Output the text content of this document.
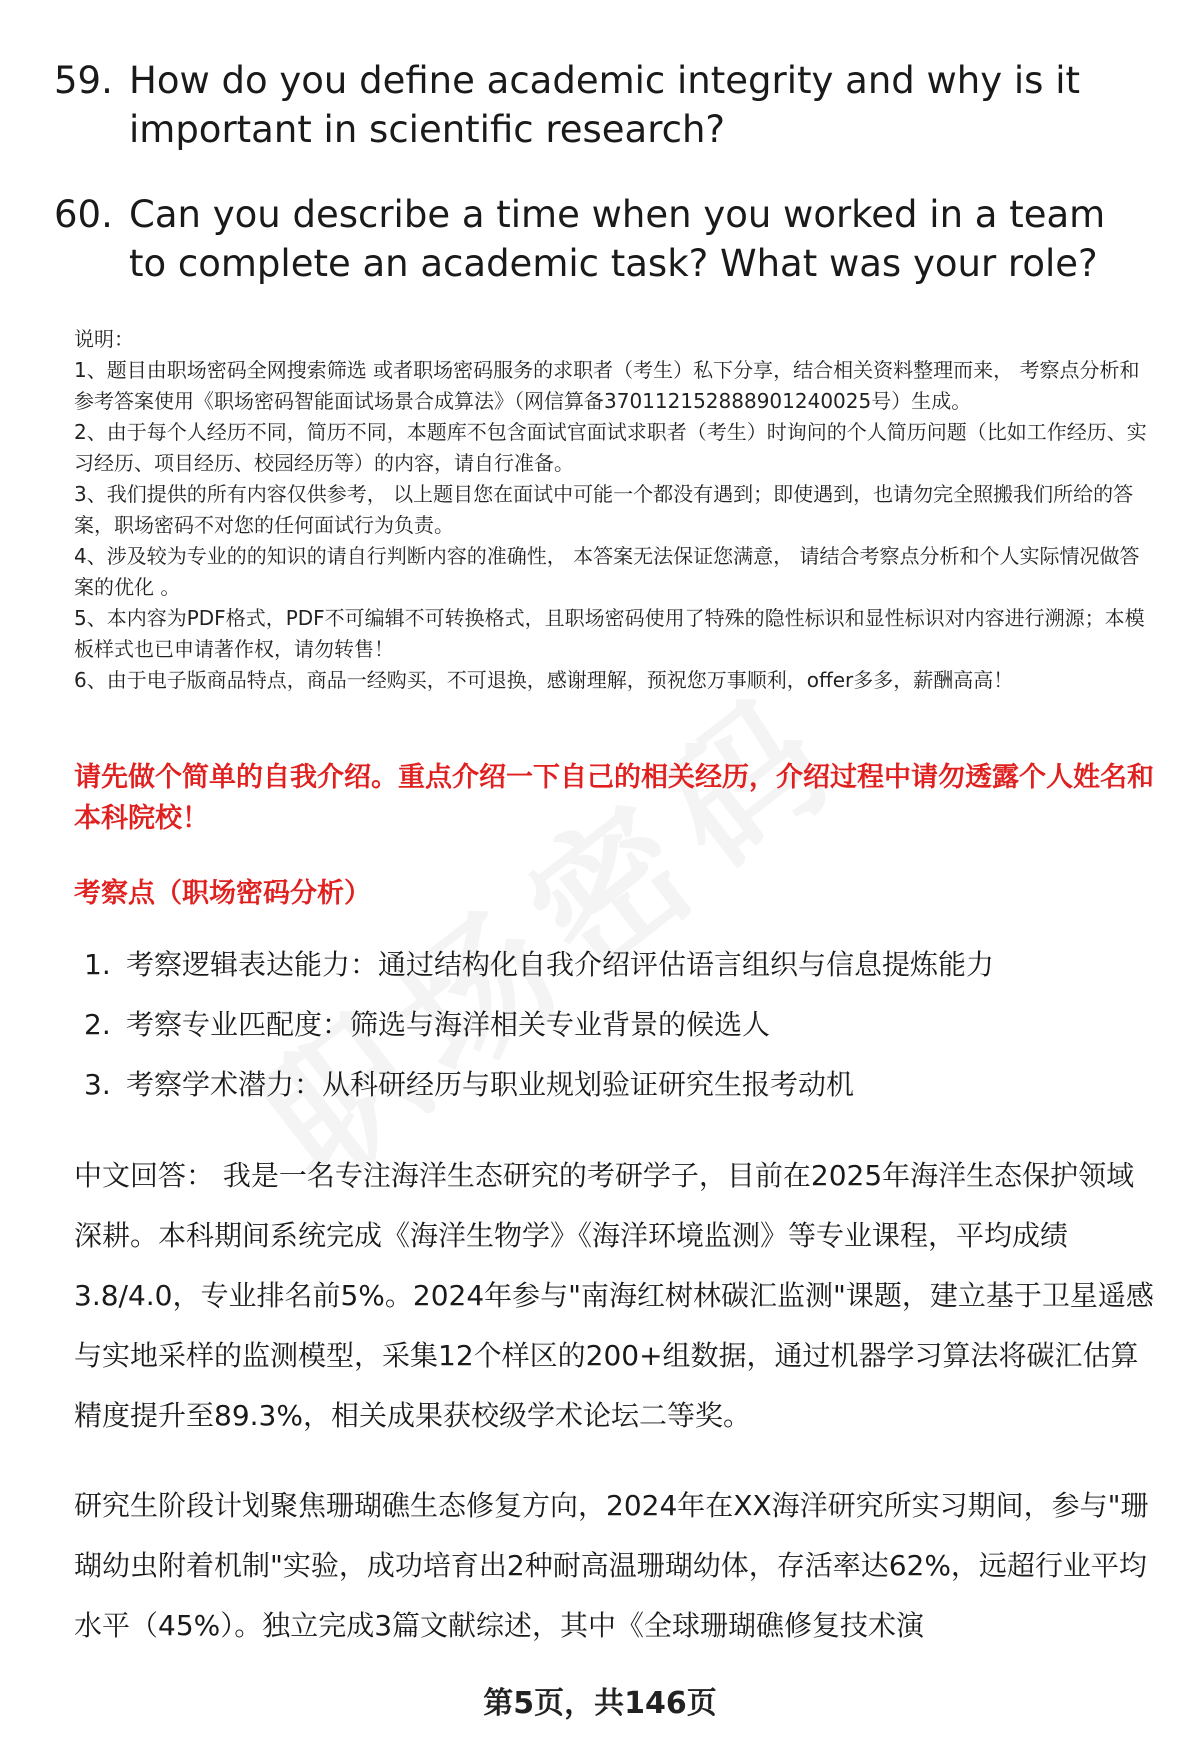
59. How do you define academic integrity and why is it important in scientific research?
60. Can you describe a time when you worked in a team to complete an academic task? What was your role?

说明：

1、题目由职场密码全网搜索筛选 或者职场密码服务的求职者（考生）私下分享，结合相关资料整理而来， 考察点分析和参考答案使用《职场密码智能面试场景合成算法》（网信算备370112152888901240025号）生成。

2、由于每个人经历不同，简历不同，本题库不包含面试官面试求职者（考生）时询问的个人简历问题（比如工作经历、实习经历、项目经历、校园经历等）的内容，请自行准备。

3、我们提供的所有内容仅供参考， 以上题目您在面试中可能一个都没有遇到；即使遇到，也请勿完全照搬我们所给的答案，职场密码不对您的任何面试行为负责。

4、涉及较为专业的的知识的请自行判断内容的准确性， 本答案无法保证您满意， 请结合考察点分析和个人实际情况做答案的优化 。

5、本内容为PDF格式，PDF不可编辑不可转换格式，且职场密码使用了特殊的隐性标识和显性标识对内容进行溯源；本模板样式也已申请著作权，请勿转售！

6、由于电子版商品特点，商品一经购买，不可退换，感谢理解，预祝您万事顺利，offer多多，薪酬高高！

请先做个简单的自我介绍。重点介绍一下自己的相关经历，介绍过程中请勿透露个人姓名和本科院校！
考察点（职场密码分析）
1. 考察逻辑表达能力：通过结构化自我介绍评估语言组织与信息提炼能力
2. 考察专业匹配度：筛选与海洋相关专业背景的候选人
3. 考察学术潜力：从科研经历与职业规划验证研究生报考动机
中文回答： 我是一名专注海洋生态研究的考研学子，目前在2025年海洋生态保护领域深耕。本科期间系统完成《海洋生物学》《海洋环境监测》等专业课程，平均成绩3.8/4.0，专业排名前5%。2024年参与"南海红树林碳汇监测"课题，建立基于卫星遥感与实地采样的监测模型，采集12个样区的200+组数据，通过机器学习算法将碳汇估算精度提升至89.3%，相关成果获校级学术论坛二等奖。
研究生阶段计划聚焦珊瑚礁生态修复方向，2024年在XX海洋研究所实习期间，参与"珊瑚幼虫附着机制"实验，成功培育出2种耐高温珊瑚幼体，存活率达62%，远超行业平均水平（45%）。独立完成3篇文献综述，其中《全球珊瑚礁修复技术演
第5页，共146页
